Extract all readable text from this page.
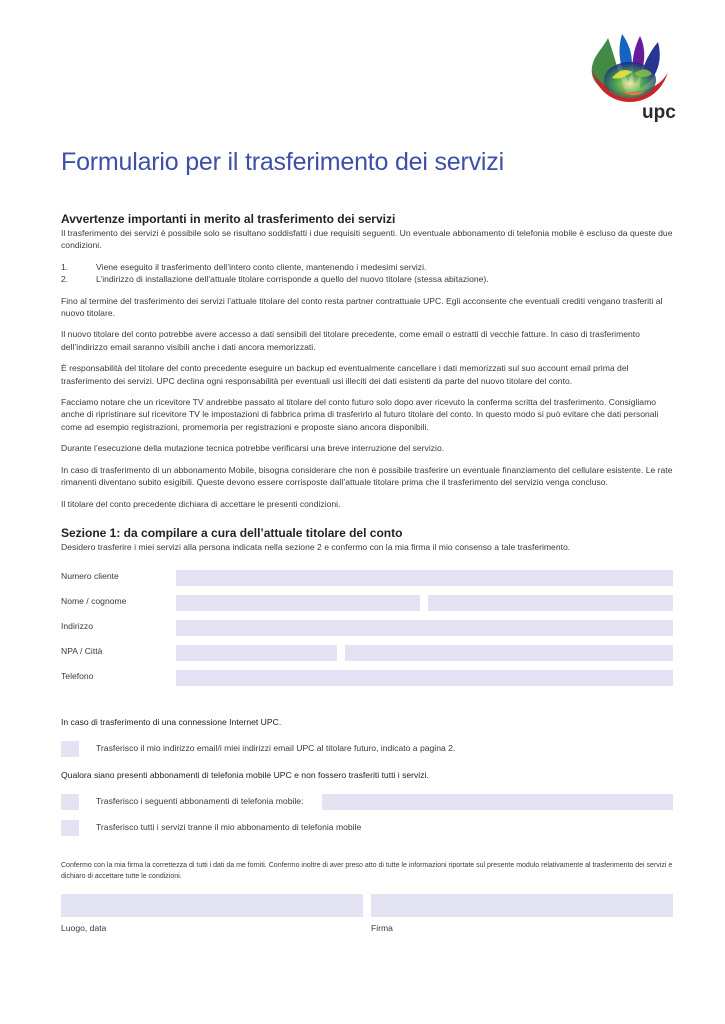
upc
Formulario per il trasferimento dei servizi
Avvertenze importanti in merito al trasferimento dei servizi

Il trasferimento dei servizi è possibile solo se risultano soddisfatti i due requisiti seguenti. Un eventuale abbonamento di telefonia mobile è escluso da queste due condizioni.

1.	Viene eseguito il trasferimento dell’intero conto cliente, mantenendo i medesimi servizi.
2.	L’indirizzo di installazione dell’attuale titolare corrisponde a quello del nuovo titolare (stessa abitazione).

Fino al termine del trasferimento dei servizi l’attuale titolare del conto resta partner contrattuale UPC. Egli acconsente che eventuali crediti vengano trasferiti al nuovo titolare.

Il nuovo titolare del conto potrebbe avere accesso a dati sensibili del titolare precedente, come email o estratti di vecchie fatture. In caso di trasferimento dell’indirizzo email saranno visibili anche i dati ancora memorizzati.

È responsabilità del titolare del conto precedente eseguire un backup ed eventualmente cancellare i dati memorizzati sul suo account email prima del trasferimento dei servizi. UPC declina ogni responsabilità per eventuali usi illeciti dei dati esistenti da parte del nuovo titolare del conto.

Facciamo notare che un ricevitore TV andrebbe passato al titolare del conto futuro solo dopo aver ricevuto la conferma scritta del trasferimento. Consigliamo anche di ripristinare sul ricevitore TV le impostazioni di fabbrica prima di trasferirlo al futuro titolare del conto. In questo modo si può evitare che dati personali come ad esempio registrazioni, promemoria per registrazioni e proposte siano ancora disponibili.

Durante l’esecuzione della mutazione tecnica potrebbe verificarsi una breve interruzione del servizio.

In caso di trasferimento di un abbonamento Mobile, bisogna considerare che non è possibile trasferire un eventuale finanziamento del cellulare esistente. Le rate rimanenti diventano subito esigibili. Queste devono essere corrisposte dall’attuale titolare prima che il trasferimento del servizio venga concluso.

Il titolare del conto precedente dichiara di accettare le presenti condizioni.

Sezione 1: da compilare a cura dell’attuale titolare del conto

Desidero trasferire i miei servizi alla persona indicata nella sezione 2 e confermo con la mia firma il mio consenso a tale trasferimento.

Numero cliente
Nome / cognome
Indirizzo
NPA / Città
Telefono
In caso di trasferimento di una connessione Internet UPC.
Trasferisco il mio indirizzo email/i miei indirizzi email UPC al titolare futuro, indicato a pagina 2.
Qualora siano presenti abbonamenti di telefonia mobile UPC e non fossero trasferiti tutti i servizi.
Trasferisco i seguenti abbonamenti di telefonia mobile:
Trasferisco tutti i servizi tranne il mio abbonamento di telefonia mobile

Confermo con la mia firma la correttezza di tutti i dati da me forniti. Confermo inoltre di aver preso atto di tutte le informazioni riportate sul presente modulo relativamente al trasferimento dei servizi e dichiaro di accettare tutte le condizioni.

Luogo, data	Firma
